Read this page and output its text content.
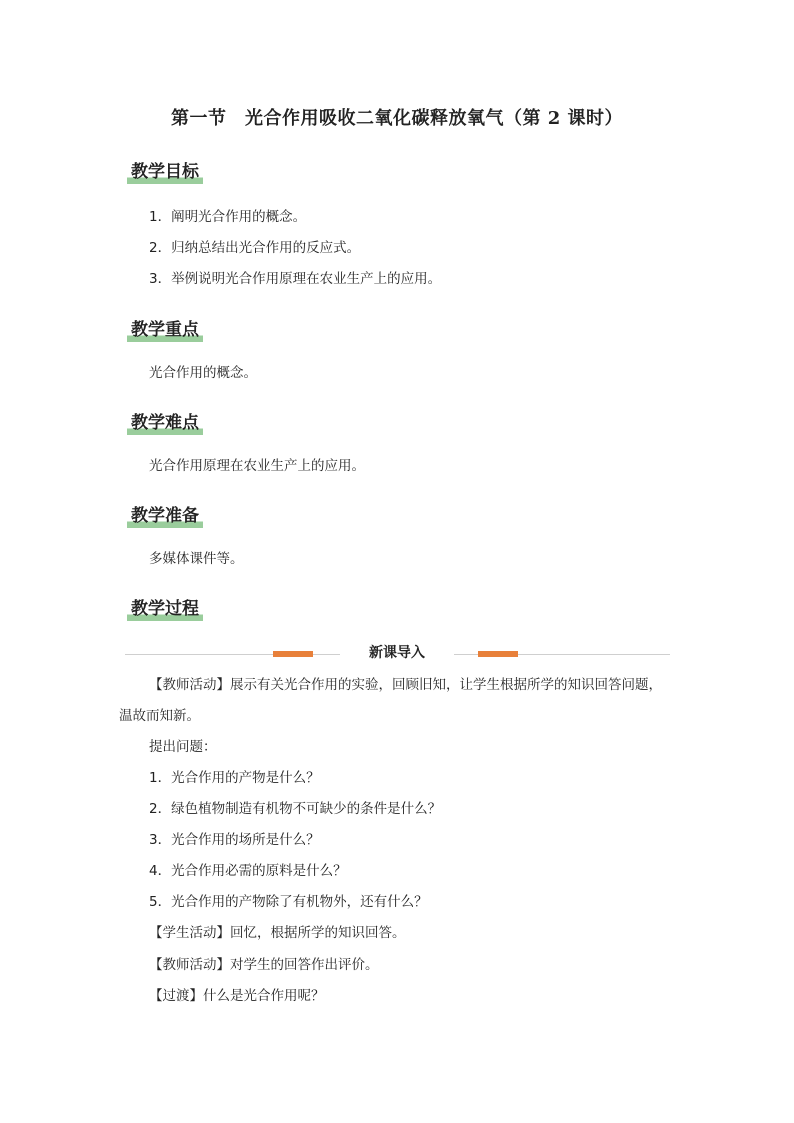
第一节　光合作用吸收二氧化碳释放氧气（第 2 课时）
教学目标
1．阐明光合作用的概念。
2．归纳总结出光合作用的反应式。
3．举例说明光合作用原理在农业生产上的应用。
教学重点
光合作用的概念。
教学难点
光合作用原理在农业生产上的应用。
教学准备
多媒体课件等。
教学过程
新课导入
【教师活动】展示有关光合作用的实验，回顾旧知，让学生根据所学的知识回答问题，
温故而知新。
提出问题：
1．光合作用的产物是什么？
2．绿色植物制造有机物不可缺少的条件是什么？
3．光合作用的场所是什么？
4．光合作用必需的原料是什么？
5．光合作用的产物除了有机物外，还有什么？
【学生活动】回忆，根据所学的知识回答。
【教师活动】对学生的回答作出评价。
【过渡】什么是光合作用呢？
